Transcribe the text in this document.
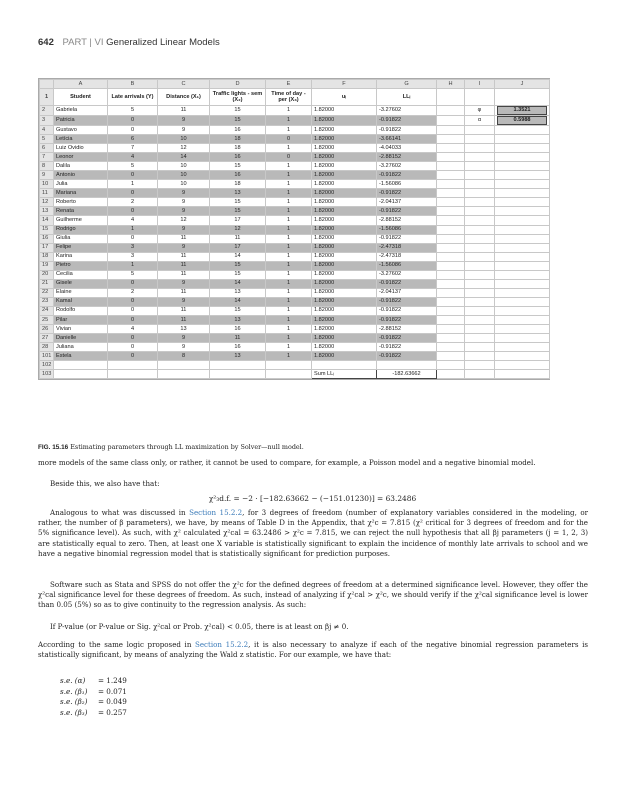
642 PART | VI Generalized Linear Models
	A	B	C	D	E	F	G	H	I	J
1	Student	Late arrivals (Y)	Distance (X₁)	Traffic lights - sem (X₂)	Time of day - per (X₃)	uᵢ	LLᵢ			
2	Gabriela	5	11	15	1	1.82000	-3.27602		φ	1.3521
3	Patricia	0	9	15	1	1.82000	-0.91822		α	0.5988
4	Gustavo	0	9	16	1	1.82000	-0.91822			
5	Letícia	6	10	18	0	1.82000	-3.66141			
6	Luiz Ovidio	7	12	18	1	1.82000	-4.04033			
7	Leonor	4	14	16	0	1.82000	-2.88152			
8	Dalila	5	10	15	1	1.82000	-3.27602			
9	Antonio	0	10	16	1	1.82000	-0.91822			
10	Julia	1	10	18	1	1.82000	-1.56086			
11	Mariana	0	9	13	1	1.82000	-0.91822			
12	Roberto	2	9	15	1	1.82000	-2.04137			
13	Renata	0	9	15	1	1.82000	-0.91822			
14	Guilherme	4	12	17	1	1.82000	-2.88152			
15	Rodrigo	1	9	12	1	1.82000	-1.56086			
16	Giulia	0	11	11	1	1.82000	-0.91822			
17	Felipe	3	9	17	1	1.82000	-2.47318			
18	Karina	3	11	14	1	1.82000	-2.47318			
19	Pietro	1	11	15	1	1.82000	-1.56086			
20	Cecilia	5	11	15	1	1.82000	-3.27602			
21	Gisele	0	9	14	1	1.82000	-0.91822			
22	Elaine	2	11	13	1	1.82000	-2.04137			
23	Kamal	0	9	14	1	1.82000	-0.91822			
24	Rodolfo	0	11	15	1	1.82000	-0.91822			
25	Pilar	0	11	13	1	1.82000	-0.91822			
26	Vivian	4	13	16	1	1.82000	-2.88152			
27	Danielle	0	9	11	1	1.82000	-0.91822			
28	Juliana	0	9	16	1	1.82000	-0.91822			
101	Estela	0	8	13	1	1.82000	-0.91822			
102										
103						Sum LLᵢ	-182.63662			
FIG. 15.16 Estimating parameters through LL maximization by Solver—null model.
more models of the same class only, or rather, it cannot be used to compare, for example, a Poisson model and a negative binomial model.
Beside this, we also have that:
χ²₃d.f. = −2 · [−182.63662 − (−151.01230)] = 63.2486
Analogous to what was discussed in Section 15.2.2, for 3 degrees of freedom (number of explanatory variables considered in the modeling, or rather, the number of β parameters), we have, by means of Table D in the Appendix, that χ²c = 7.815 (χ² critical for 3 degrees of freedom and for the 5% significance level). As such, with χ² calculated χ²cal = 63.2486 > χ²c = 7.815, we can reject the null hypothesis that all βj parameters (j = 1, 2, 3) are statistically equal to zero. Then, at least one X variable is statistically significant to explain the incidence of monthly late arrivals to school and we have a negative binomial regression model that is statistically significant for prediction purposes.
Software such as Stata and SPSS do not offer the χ²c for the defined degrees of freedom at a determined significance level. However, they offer the χ²cal significance level for these degrees of freedom. As such, instead of analyzing if χ²cal > χ²c, we should verify if the χ²cal significance level is lower than 0.05 (5%) so as to give continuity to the regression analysis. As such:
If P-value (or P-value or Sig. χ²cal or Prob. χ²cal) < 0.05, there is at least on βj ≠ 0.
According to the same logic proposed in Section 15.2.2, it is also necessary to analyze if each of the negative binomial regression parameters is statistically significant, by means of analyzing the Wald z statistic. For our example, we have that:
s.e. (α) = 1.249
s.e. (β₁) = 0.071
s.e. (β₂) = 0.049
s.e. (β₃) = 0.257
